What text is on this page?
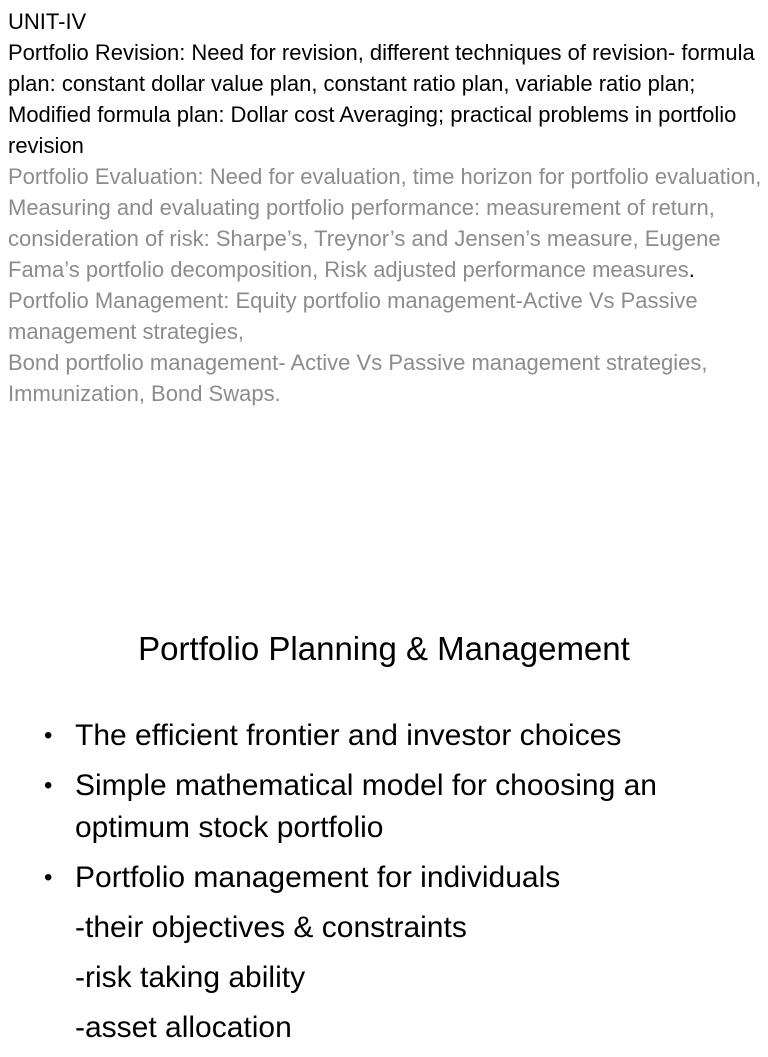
UNIT-IV

Portfolio Revision: Need for revision, different techniques of revision- formula plan: constant dollar value plan, constant ratio plan, variable ratio plan; Modified formula plan: Dollar cost Averaging; practical problems in portfolio revision

Portfolio Evaluation: Need for evaluation, time horizon for portfolio evaluation, Measuring and evaluating portfolio performance: measurement of return, consideration of risk: Sharpe’s, Treynor’s and Jensen’s measure, Eugene Fama’s portfolio decomposition, Risk adjusted performance measures.

Portfolio Management: Equity portfolio management-Active Vs Passive management strategies,

Bond portfolio management- Active Vs Passive management strategies, Immunization, Bond Swaps.

Portfolio Planning & Management
• The efficient frontier and investor choices
• Simple mathematical model for choosing an optimum stock portfolio
• Portfolio management for individuals
-their objectives & constraints
-risk taking ability
-asset allocation
